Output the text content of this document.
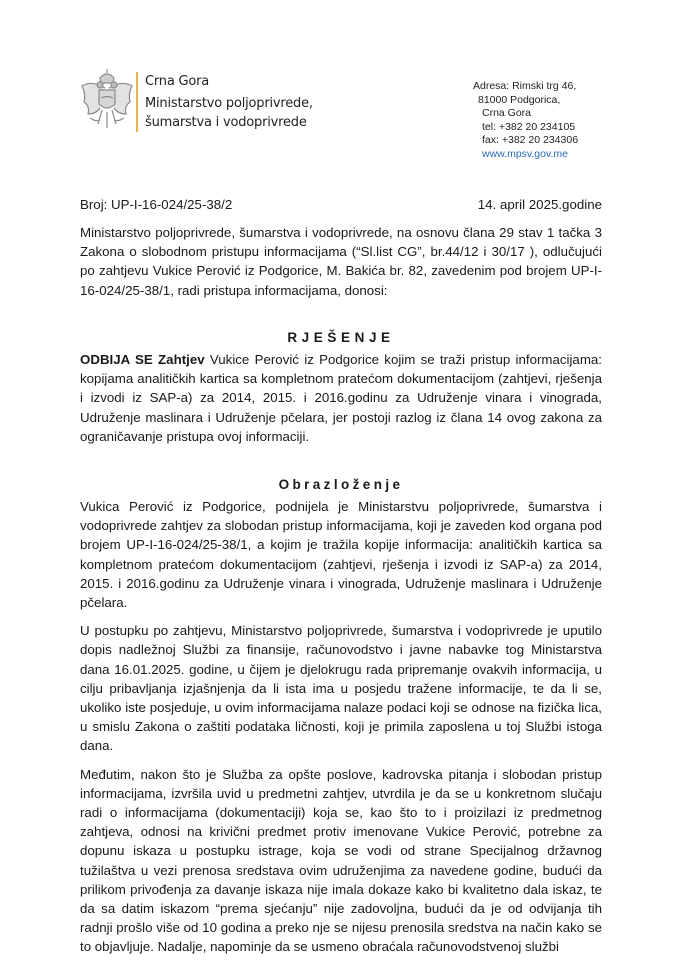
Crna Gora
Ministarstvo poljoprivrede,
šumarstva i vodoprivrede
Adresa: Rimski trg 46,
81000 Podgorica,
Crna Gora
tel: +382 20 234105
fax: +382 20 234306
www.mpsv.gov.me
Broj: UP-I-16-024/25-38/2	14. april 2025.godine

Ministarstvo poljoprivrede, šumarstva i vodoprivrede, na osnovu člana 29 stav 1 tačka 3 Zakona o slobodnom pristupu informacijama (“Sl.list CG”, br.44/12 i 30/17 ), odlučujući po zahtjevu Vukice Perović iz Podgorice, M. Bakića br. 82, zavedenim pod brojem UP-I-16-024/25-38/1, radi pristupa informacijama, donosi:

RJEŠENJE

ODBIJA SE Zahtjev Vukice Perović iz Podgorice kojim se traži pristup informacijama: kopijama analitičkih kartica sa kompletnom pratećom dokumentacijom (zahtjevi, rješenja i izvodi iz SAP-a) za 2014, 2015. i 2016.godinu za Udruženje vinara i vinograda, Udruženje maslinara i Udruženje pčelara, jer postoji razlog iz člana 14 ovog zakona za ograničavanje pristupa ovoj informaciji.

Obrazloženje

Vukica Perović iz Podgorice, podnijela je Ministarstvu poljoprivrede, šumarstva i vodoprivrede zahtjev za slobodan pristup informacijama, koji je zaveden kod organa pod brojem UP-I-16-024/25-38/1, a kojim je tražila kopije informacija: analitičkih kartica sa kompletnom pratećom dokumentacijom (zahtjevi, rješenja i izvodi iz SAP-a) za 2014, 2015. i 2016.godinu za Udruženje vinara i vinograda, Udruženje maslinara i Udruženje pčelara.

U postupku po zahtjevu, Ministarstvo poljoprivrede, šumarstva i vodoprivrede je uputilo dopis nadležnoj Službi za finansije, računovodstvo i javne nabavke tog Ministarstva dana 16.01.2025. godine, u čijem je djelokrugu rada pripremanje ovakvih informacija, u cilju pribavljanja izjašnjenja da li ista ima u posjedu tražene informacije, te da li se, ukoliko iste posjeduje, u ovim informacijama nalaze podaci koji se odnose na fizička lica, u smislu Zakona o zaštiti podataka ličnosti, koji je primila zaposlena u toj Službi istoga dana.

Međutim, nakon što je Služba za opšte poslove, kadrovska pitanja i slobodan pristup informacijama, izvršila uvid u predmetni zahtjev, utvrdila je da se u konkretnom slučaju radi o informacijama (dokumentaciji) koja se, kao što to i proizilazi iz predmetnog zahtjeva, odnosi na krivični predmet protiv imenovane Vukice Perović, potrebne za dopunu iskaza u postupku istrage, koja se vodi od strane Specijalnog državnog tužilaštva u vezi prenosa sredstava ovim udruženjima za navedene godine, budući da prilikom privođenja za davanje iskaza nije imala dokaze kako bi kvalitetno dala iskaz, te da sa datim iskazom “prema sjećanju” nije zadovoljna, budući da je od odvijanja tih radnji prošlo više od 10 godina a preko nje se nijesu prenosila sredstva na način kako se to objavljuje. Nadalje, napominje da se usmeno obraćala računovodstvenoj službi
